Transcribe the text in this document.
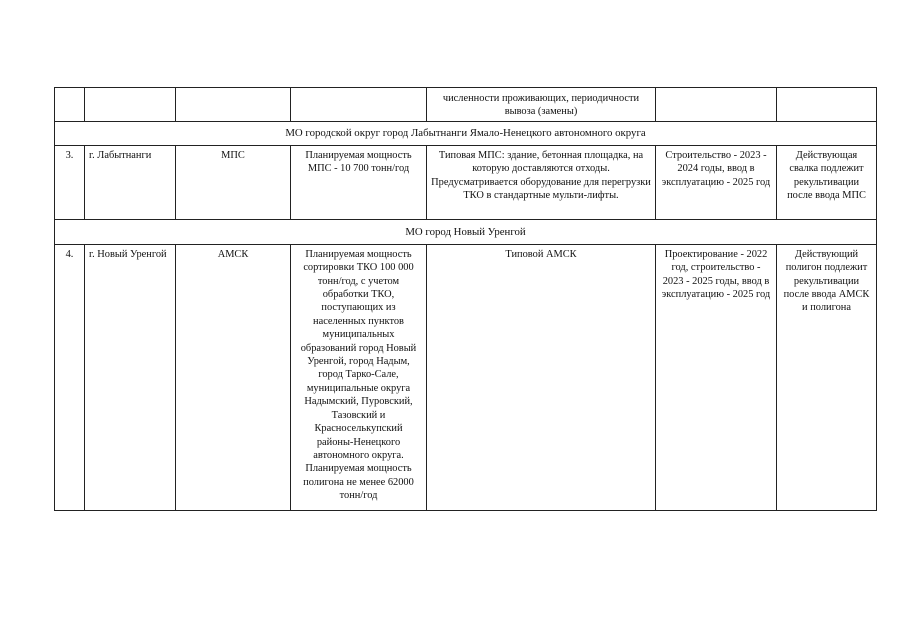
				численности проживающих, периодичности вывоза (замены)		
МО городской округ город Лабытнанги Ямало-Ненецкого автономного округа						
3.	г. Лабытнанги	МПС	Планируемая мощность МПС - 10 700 тонн/год	Типовая МПС: здание, бетонная площадка, на которую доставляются отходы. Предусматривается оборудование для перегрузки ТКО в стандартные мульти-лифты.	Строительство - 2023 - 2024 годы, ввод в эксплуатацию - 2025 год	Действующая свалка подлежит рекультивации после ввода МПС
МО город Новый Уренгой						
4.	г. Новый Уренгой	АМСК	Планируемая мощность сортировки ТКО 100 000 тонн/год, с учетом обработки ТКО, поступающих из населенных пунктов муниципальных образований город Новый Уренгой, город Надым, город Тарко-Сале, муниципальные округа Надымский, Пуровский, Тазовский и Красноселькупский районы-Ненецкого автономного округа. Планируемая мощность полигона не менее 62000 тонн/год	Типовой АМСК	Проектирование - 2022 год, строительство - 2023 - 2025 годы, ввод в эксплуатацию - 2025 год	Действующий полигон подлежит рекультивации после ввода АМСК и полигона
